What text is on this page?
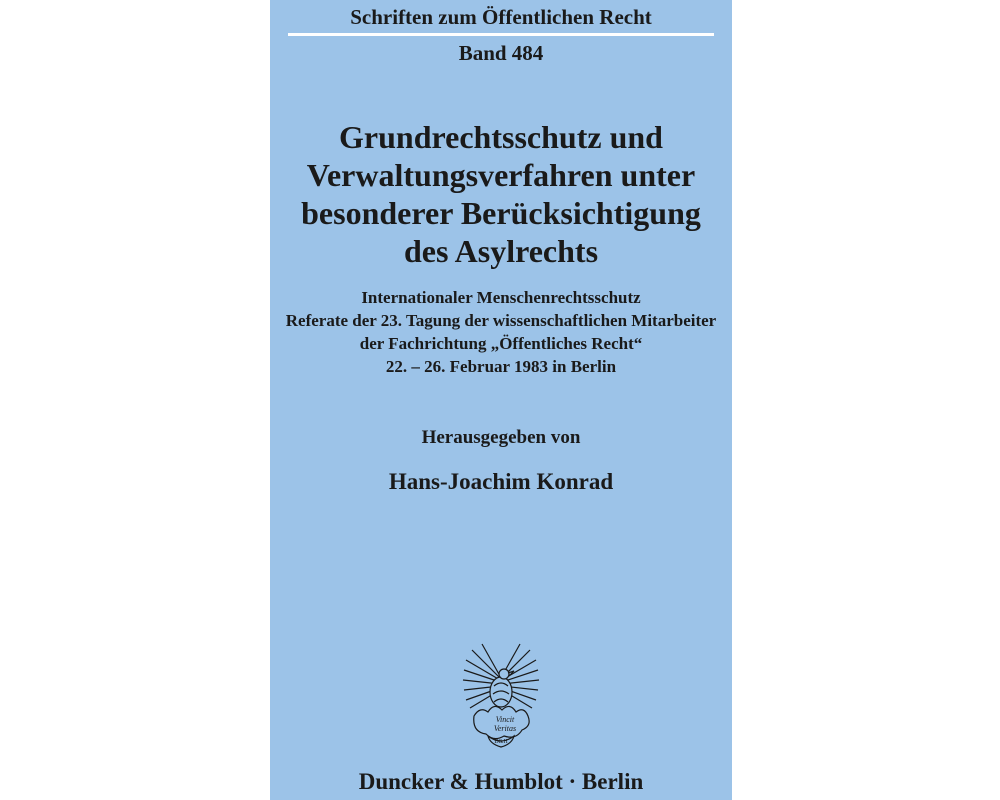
Schriften zum Öffentlichen Recht
Band 484
Grundrechtsschutz und
Verwaltungsverfahren unter
besonderer Berücksichtigung
des Asylrechts
Internationaler Menschenrechtsschutz
Referate der 23. Tagung der wissenschaftlichen Mitarbeiter
der Fachrichtung „Öffentliches Recht“
22. – 26. Februar 1983 in Berlin
Herausgegeben von
Hans-Joachim Konrad
Vincit
Veritas
D&H
Duncker & Humblot · Berlin
